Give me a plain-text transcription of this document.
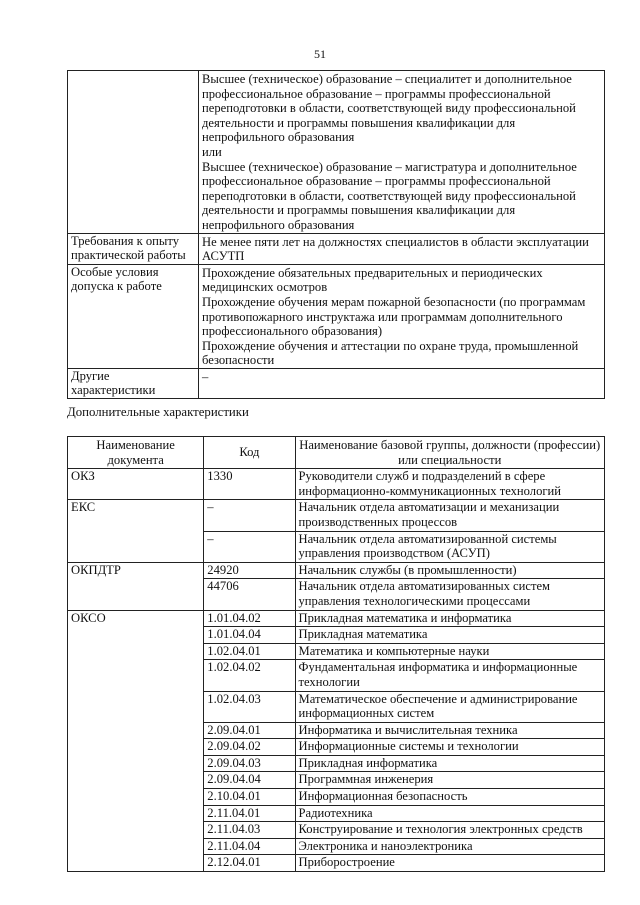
51

	Высшее (техническое) образование – специалитет и дополнительное профессиональное образование – программы профессиональной переподготовки в области, соответствующей виду профессиональной деятельности и программы повышения квалификации для непрофильного образования
или
Высшее (техническое) образование – магистратура и дополнительное профессиональное образование – программы профессиональной переподготовки в области, соответствующей виду профессиональной деятельности и программы повышения квалификации для непрофильного образования

Требования к опыту практической работы	Не менее пяти лет на должностях специалистов в области эксплуатации АСУТП

Особые условия допуска к работе	Прохождение обязательных предварительных и периодических медицинских осмотров
Прохождение обучения мерам пожарной безопасности (по программам противопожарного инструктажа или программам дополнительного профессионального образования)
Прохождение обучения и аттестации по охране труда, промышленной безопасности

Другие характеристики	–
Дополнительные характеристики
Наименование документа	Код	Наименование базовой группы, должности (профессии) или специальности
ОКЗ	1330	Руководители служб и подразделений в сфере информационно-коммуникационных технологий
ЕКС	–	Начальник отдела автоматизации и механизации производственных процессов
	–	Начальник отдела автоматизированной системы управления производством (АСУП)
ОКПДТР	24920	Начальник службы (в промышленности)
	44706	Начальник отдела автоматизированных систем управления технологическими процессами
ОКСО	1.01.04.02	Прикладная математика и информатика
	1.01.04.04	Прикладная математика
	1.02.04.01	Математика и компьютерные науки
	1.02.04.02	Фундаментальная информатика и информационные технологии
	1.02.04.03	Математическое обеспечение и администрирование информационных систем
	2.09.04.01	Информатика и вычислительная техника
	2.09.04.02	Информационные системы и технологии
	2.09.04.03	Прикладная информатика
	2.09.04.04	Программная инженерия
	2.10.04.01	Информационная безопасность
	2.11.04.01	Радиотехника
	2.11.04.03	Конструирование и технология электронных средств
	2.11.04.04	Электроника и наноэлектроника
	2.12.04.01	Приборостроение
